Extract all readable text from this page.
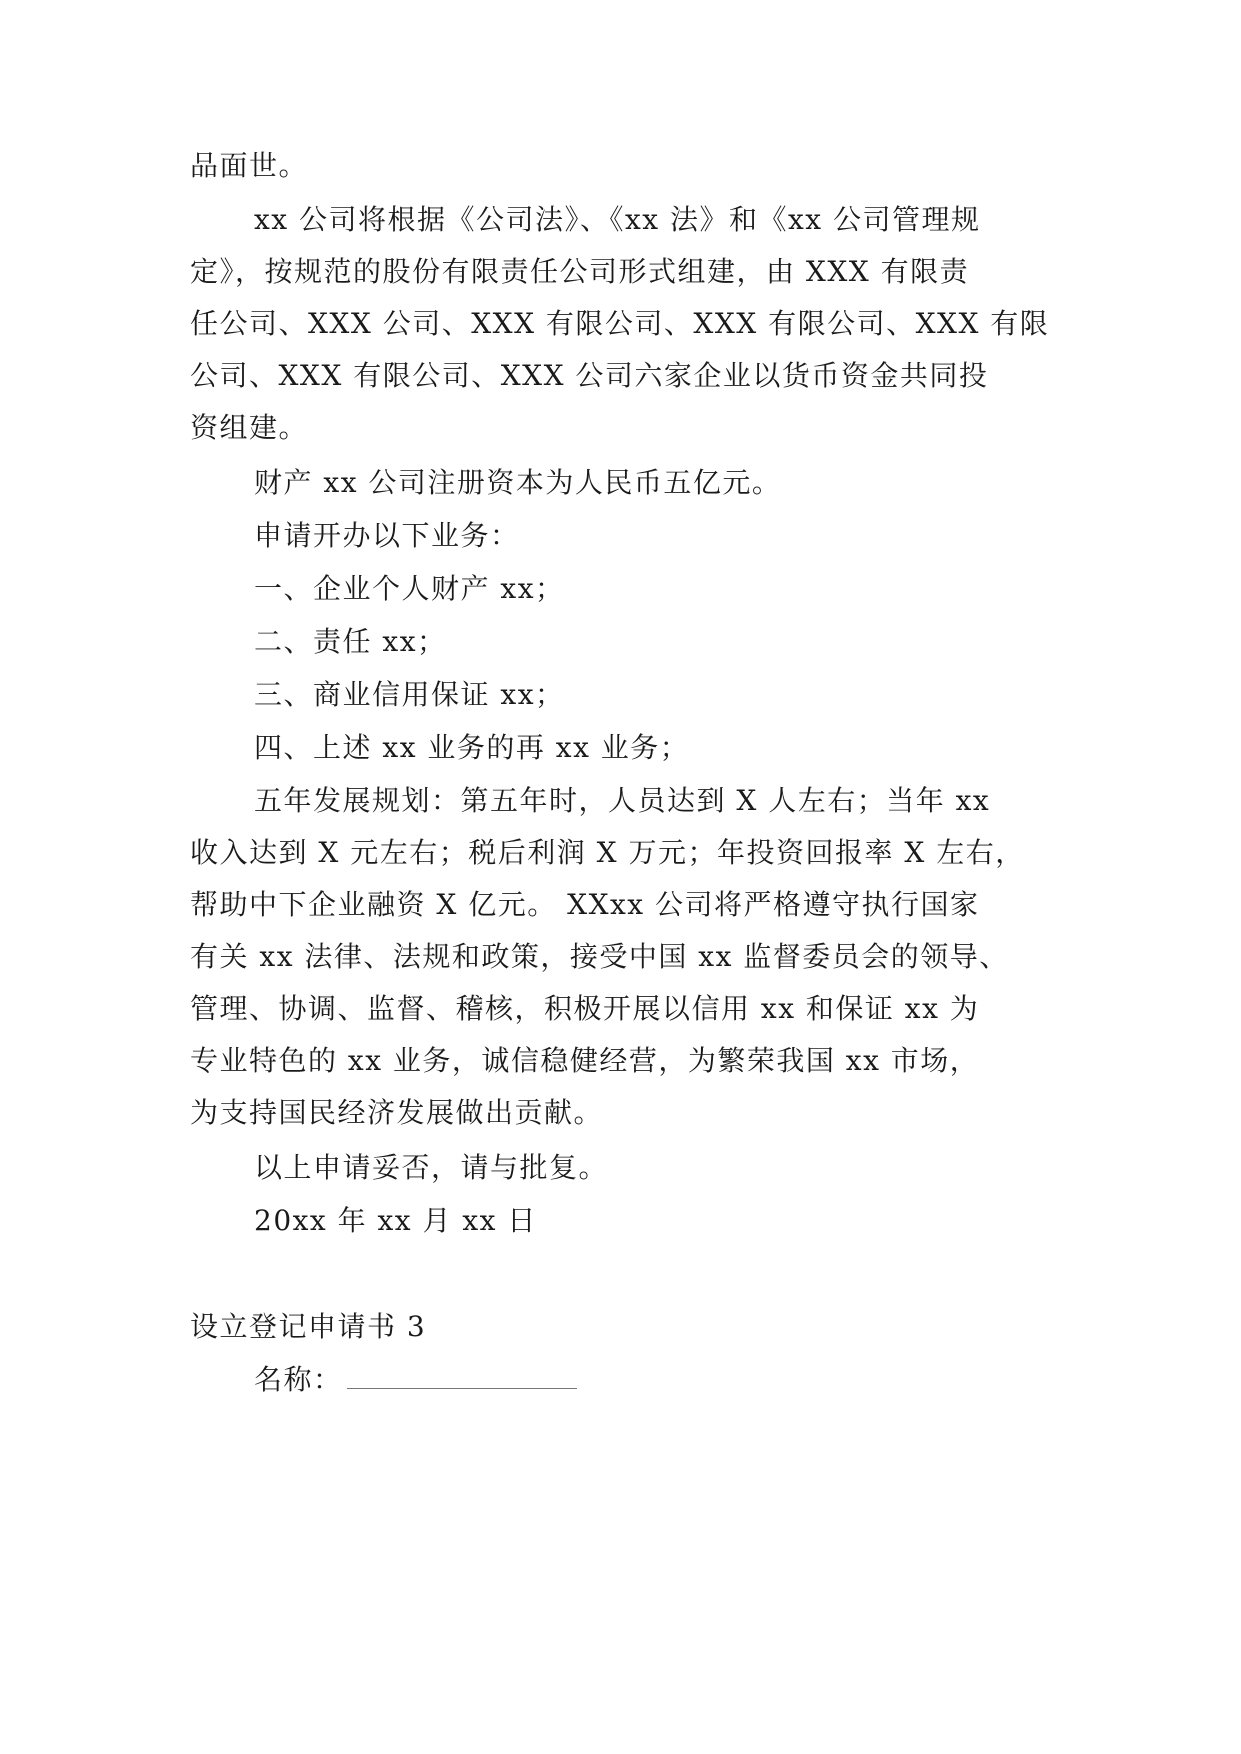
品面世。
xx 公司将根据《公司法》、《xx 法》和《xx 公司管理规
定》，按规范的股份有限责任公司形式组建，由 XXX 有限责
任公司、XXX 公司、XXX 有限公司、XXX 有限公司、XXX 有限
公司、XXX 有限公司、XXX 公司六家企业以货币资金共同投
资组建。
财产 xx 公司注册资本为人民币五亿元。
申请开办以下业务：
一、企业个人财产 xx；
二、责任 xx；
三、商业信用保证 xx；
四、上述 xx 业务的再 xx 业务；
五年发展规划：第五年时，人员达到 X 人左右；当年 xx
收入达到 X 元左右；税后利润 X 万元；年投资回报率 X 左右，
帮助中下企业融资 X 亿元。 XXxx 公司将严格遵守执行国家
有关 xx 法律、法规和政策，接受中国 xx 监督委员会的领导、
管理、协调、监督、稽核，积极开展以信用 xx 和保证 xx 为
专业特色的 xx 业务，诚信稳健经营，为繁荣我国 xx 市场，
为支持国民经济发展做出贡献。
以上申请妥否，请与批复。
20xx 年 xx 月 xx 日
设立登记申请书 3
名称：
